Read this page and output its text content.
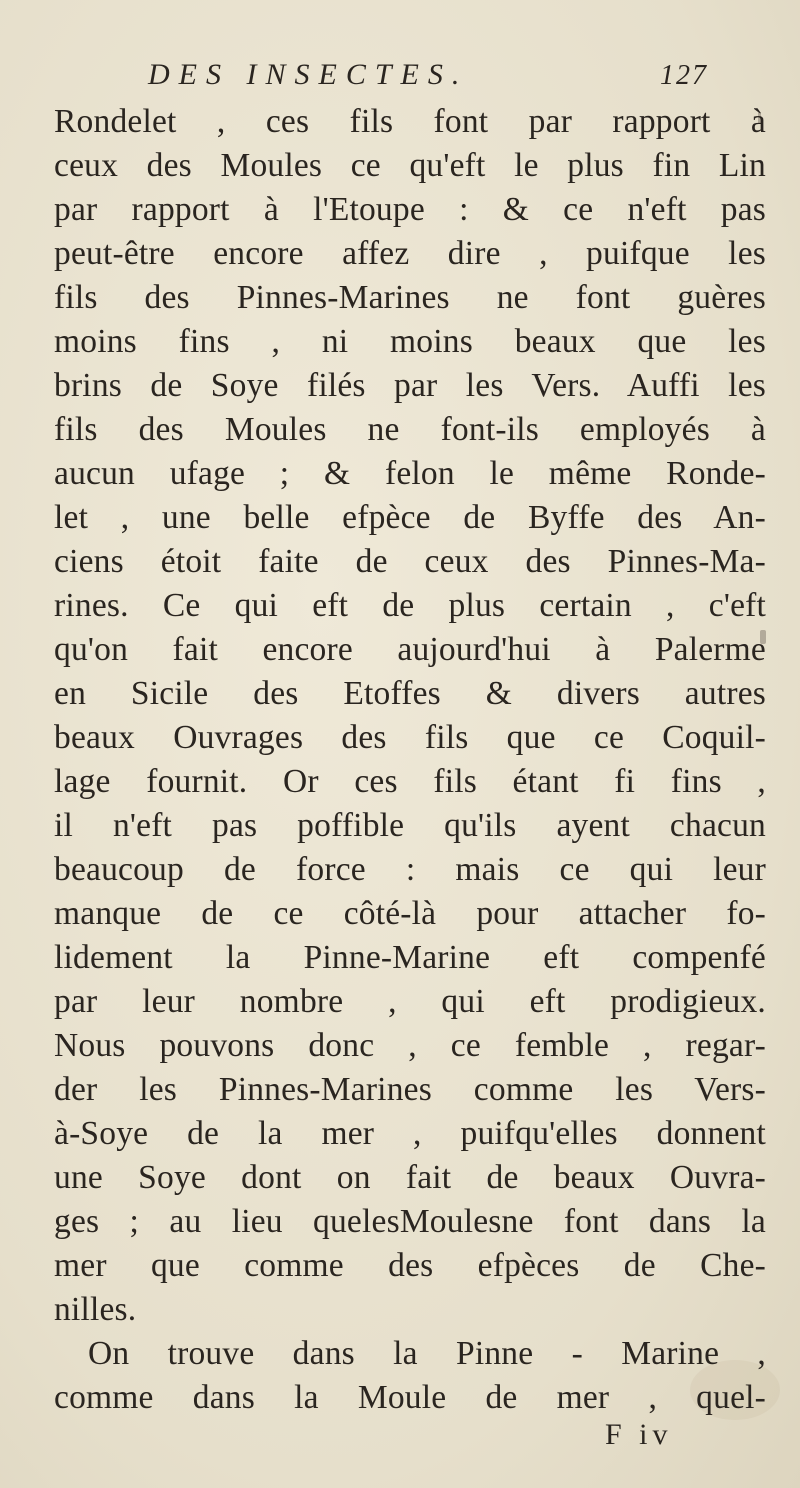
DES INSECTES.	127
Rondelet , ces fils font par rapport à
ceux des Moules ce qu'eft le plus fin Lin
par rapport à l'Etoupe : & ce n'eft pas
peut-être encore affez dire , puifque les
fils des Pinnes-Marines ne font guères
moins fins , ni moins beaux que les
brins de Soye filés par les Vers. Auffi les
fils des Moules ne font-ils employés à
aucun ufage ; & felon le même Ronde-
let , une belle efpèce de Byffe des An-
ciens étoit faite de ceux des Pinnes-Ma-
rines. Ce qui eft de plus certain , c'eft
qu'on fait encore aujourd'hui à Palerme
en Sicile des Etoffes & divers autres
beaux Ouvrages des fils que ce Coquil-
lage fournit. Or ces fils étant fi fins ,
il n'eft pas poffible qu'ils ayent chacun
beaucoup de force : mais ce qui leur
manque de ce côté-là pour attacher fo-
lidement la Pinne-Marine eft compenfé
par leur nombre , qui eft prodigieux.
Nous pouvons donc , ce femble , regar-
der les Pinnes-Marines comme les Vers-
à-Soye de la mer , puifqu'elles donnent
une Soye dont on fait de beaux Ouvra-
ges ; au lieu quelesMoulesne font dans la
mer que comme des efpèces de Che-
nilles.
On trouve dans la Pinne - Marine ,
comme dans la Moule de mer , quel-
F iv
